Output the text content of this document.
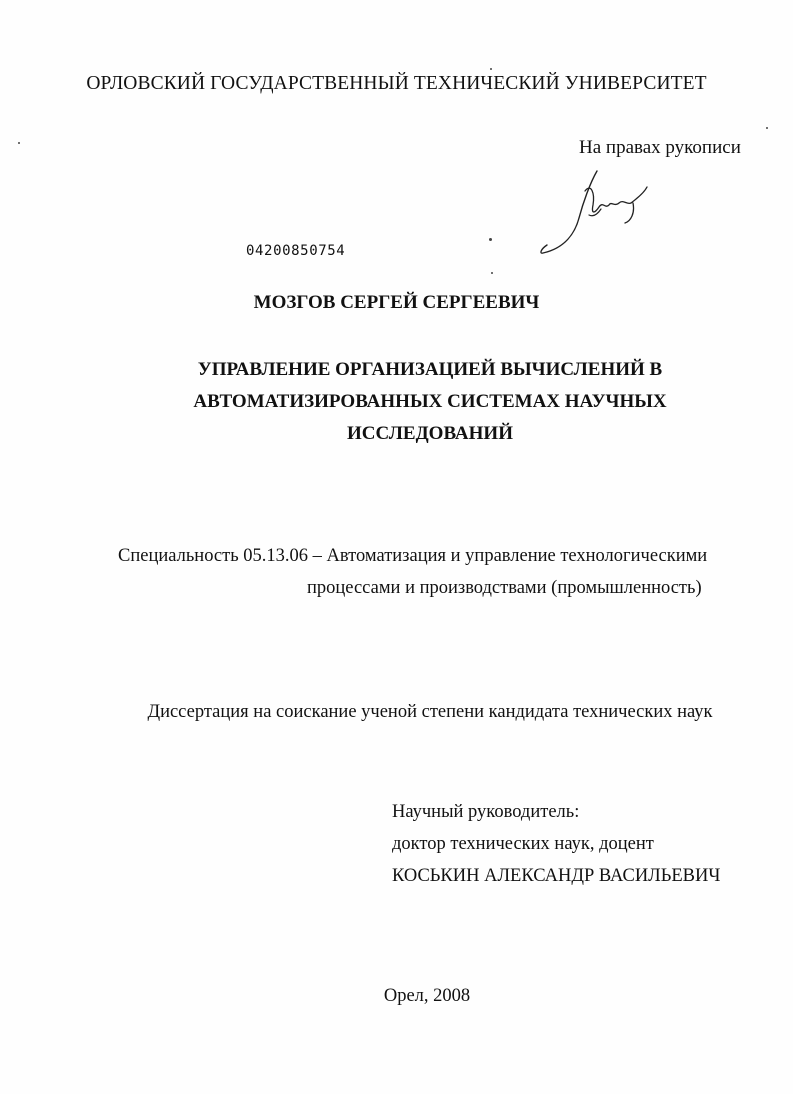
ОРЛОВСКИЙ ГОСУДАРСТВЕННЫЙ ТЕХНИЧЕСКИЙ УНИВЕРСИТЕТ
На правах рукописи
04200850754
МОЗГОВ СЕРГЕЙ СЕРГЕЕВИЧ
УПРАВЛЕНИЕ ОРГАНИЗАЦИЕЙ ВЫЧИСЛЕНИЙ В
АВТОМАТИЗИРОВАННЫХ СИСТЕМАХ НАУЧНЫХ
ИССЛЕДОВАНИЙ
Специальность 05.13.06 – Автоматизация и управление технологическими
процессами и производствами (промышленность)
Диссертация на соискание ученой степени кандидата технических наук
Научный руководитель:
доктор технических наук, доцент
КОСЬКИН АЛЕКСАНДР ВАСИЛЬЕВИЧ
Орел, 2008
